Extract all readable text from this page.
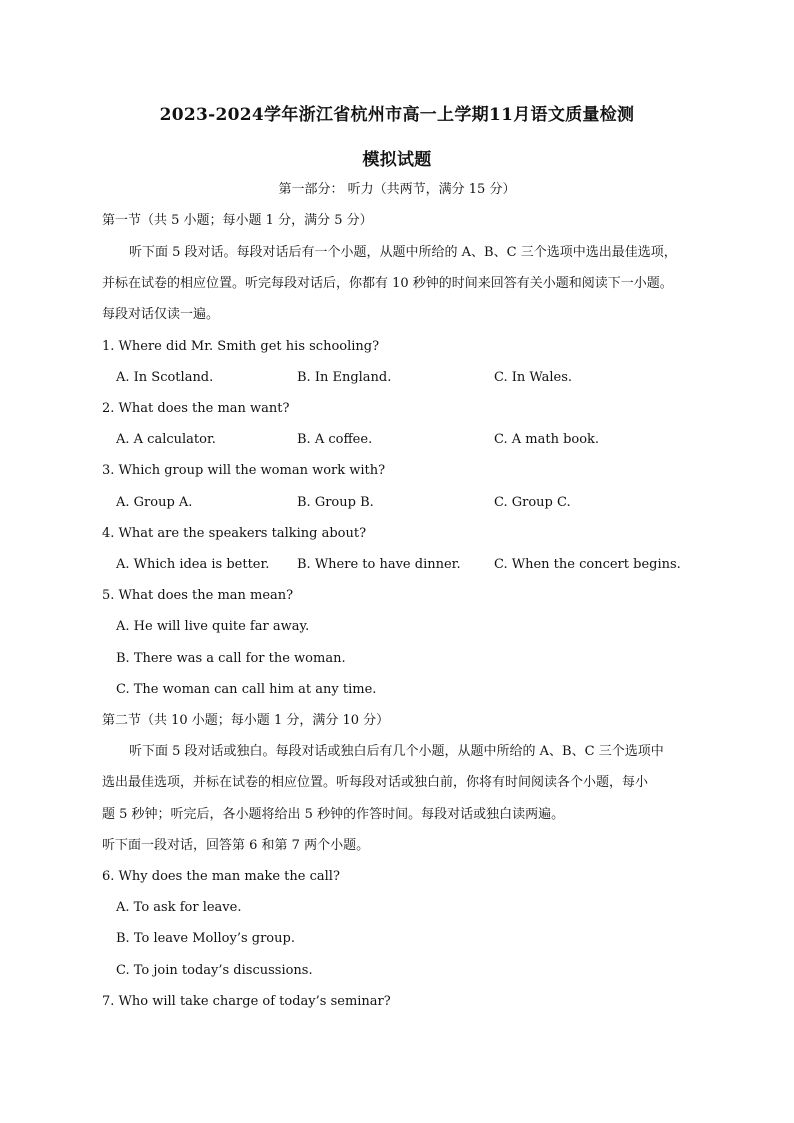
2023-2024学年浙江省杭州市高一上学期11月语文质量检测
模拟试题
第一部分： 听力（共两节，满分 15 分）
第一节（共 5 小题；每小题 1 分，满分 5 分）
听下面 5 段对话。每段对话后有一个小题，从题中所给的 A、B、C 三个选项中选出最佳选项，
并标在试卷的相应位置。听完每段对话后，你都有 10 秒钟的时间来回答有关小题和阅读下一小题。
每段对话仅读一遍。
1. Where did Mr. Smith get his schooling?
A. In Scotland.	B. In England.	C. In Wales.
2. What does the man want?
A. A calculator.	B. A coffee.	C. A math book.
3. Which group will the woman work with?
A. Group A.	B. Group B.	C. Group C.
4. What are the speakers talking about?
A. Which idea is better. B. Where to have dinner.	C. When the concert begins.
5. What does the man mean?
A. He will live quite far away.
B. There was a call for the woman.
C. The woman can call him at any time.
第二节（共 10 小题；每小题 1 分，满分 10 分）
听下面 5 段对话或独白。每段对话或独白后有几个小题，从题中所给的 A、B、C 三个选项中
选出最佳选项，并标在试卷的相应位置。听每段对话或独白前，你将有时间阅读各个小题，每小
题 5 秒钟；听完后，各小题将给出 5 秒钟的作答时间。每段对话或独白读两遍。
听下面一段对话，回答第 6 和第 7 两个小题。
6. Why does the man make the call?
A. To ask for leave.
B. To leave Molloy’s group.
C. To join today’s discussions.
7. Who will take charge of today’s seminar?
